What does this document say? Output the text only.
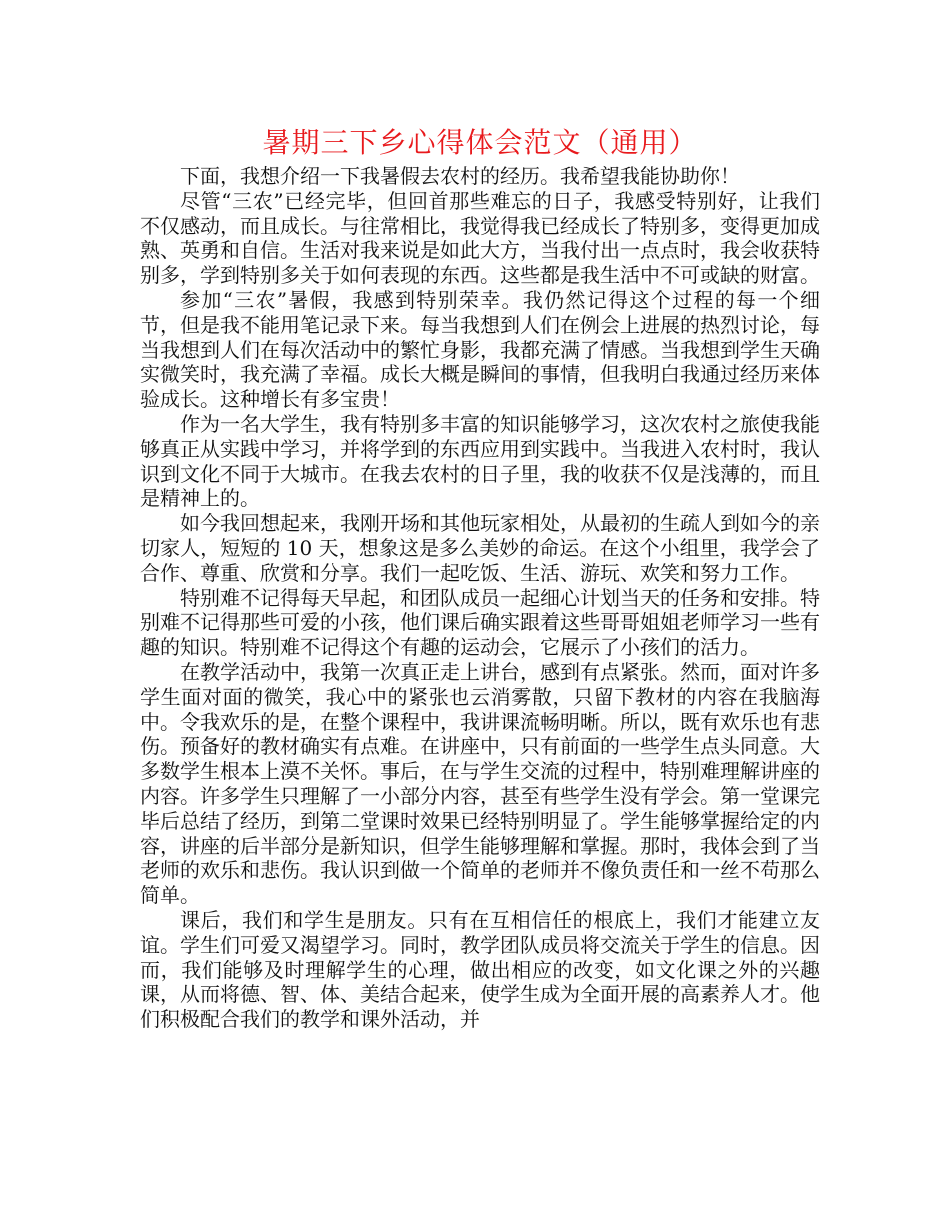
暑期三下乡心得体会范文（通用）

下面，我想介绍一下我暑假去农村的经历。我希望我能协助你！

尽管“三农”已经完毕，但回首那些难忘的日子，我感受特别好，让我们不仅感动，而且成长。与往常相比，我觉得我已经成长了特别多，变得更加成熟、英勇和自信。生活对我来说是如此大方，当我付出一点点时，我会收获特别多，学到特别多关于如何表现的东西。这些都是我生活中不可或缺的财富。

参加“三农”暑假，我感到特别荣幸。我仍然记得这个过程的每一个细节，但是我不能用笔记录下来。每当我想到人们在例会上进展的热烈讨论，每当我想到人们在每次活动中的繁忙身影，我都充满了情感。当我想到学生天确实微笑时，我充满了幸福。成长大概是瞬间的事情，但我明白我通过经历来体验成长。这种增长有多宝贵！

作为一名大学生，我有特别多丰富的知识能够学习，这次农村之旅使我能够真正从实践中学习，并将学到的东西应用到实践中。当我进入农村时，我认识到文化不同于大城市。在我去农村的日子里，我的收获不仅是浅薄的，而且是精神上的。

如今我回想起来，我刚开场和其他玩家相处，从最初的生疏人到如今的亲切家人，短短的 10 天，想象这是多么美妙的命运。在这个小组里，我学会了合作、尊重、欣赏和分享。我们一起吃饭、生活、游玩、欢笑和努力工作。

特别难不记得每天早起，和团队成员一起细心计划当天的任务和安排。特别难不记得那些可爱的小孩，他们课后确实跟着这些哥哥姐姐老师学习一些有趣的知识。特别难不记得这个有趣的运动会，它展示了小孩们的活力。

在教学活动中，我第一次真正走上讲台，感到有点紧张。然而，面对许多学生面对面的微笑，我心中的紧张也云消雾散，只留下教材的内容在我脑海中。令我欢乐的是，在整个课程中，我讲课流畅明晰。所以，既有欢乐也有悲伤。预备好的教材确实有点难。在讲座中，只有前面的一些学生点头同意。大多数学生根本上漠不关怀。事后，在与学生交流的过程中，特别难理解讲座的内容。许多学生只理解了一小部分内容，甚至有些学生没有学会。第一堂课完毕后总结了经历，到第二堂课时效果已经特别明显了。学生能够掌握给定的内容，讲座的后半部分是新知识，但学生能够理解和掌握。那时，我体会到了当老师的欢乐和悲伤。我认识到做一个简单的老师并不像负责任和一丝不苟那么简单。

课后，我们和学生是朋友。只有在互相信任的根底上，我们才能建立友谊。学生们可爱又渴望学习。同时，教学团队成员将交流关于学生的信息。因而，我们能够及时理解学生的心理，做出相应的改变，如文化课之外的兴趣课，从而将德、智、体、美结合起来，使学生成为全面开展的高素养人才。他们积极配合我们的教学和课外活动，并
